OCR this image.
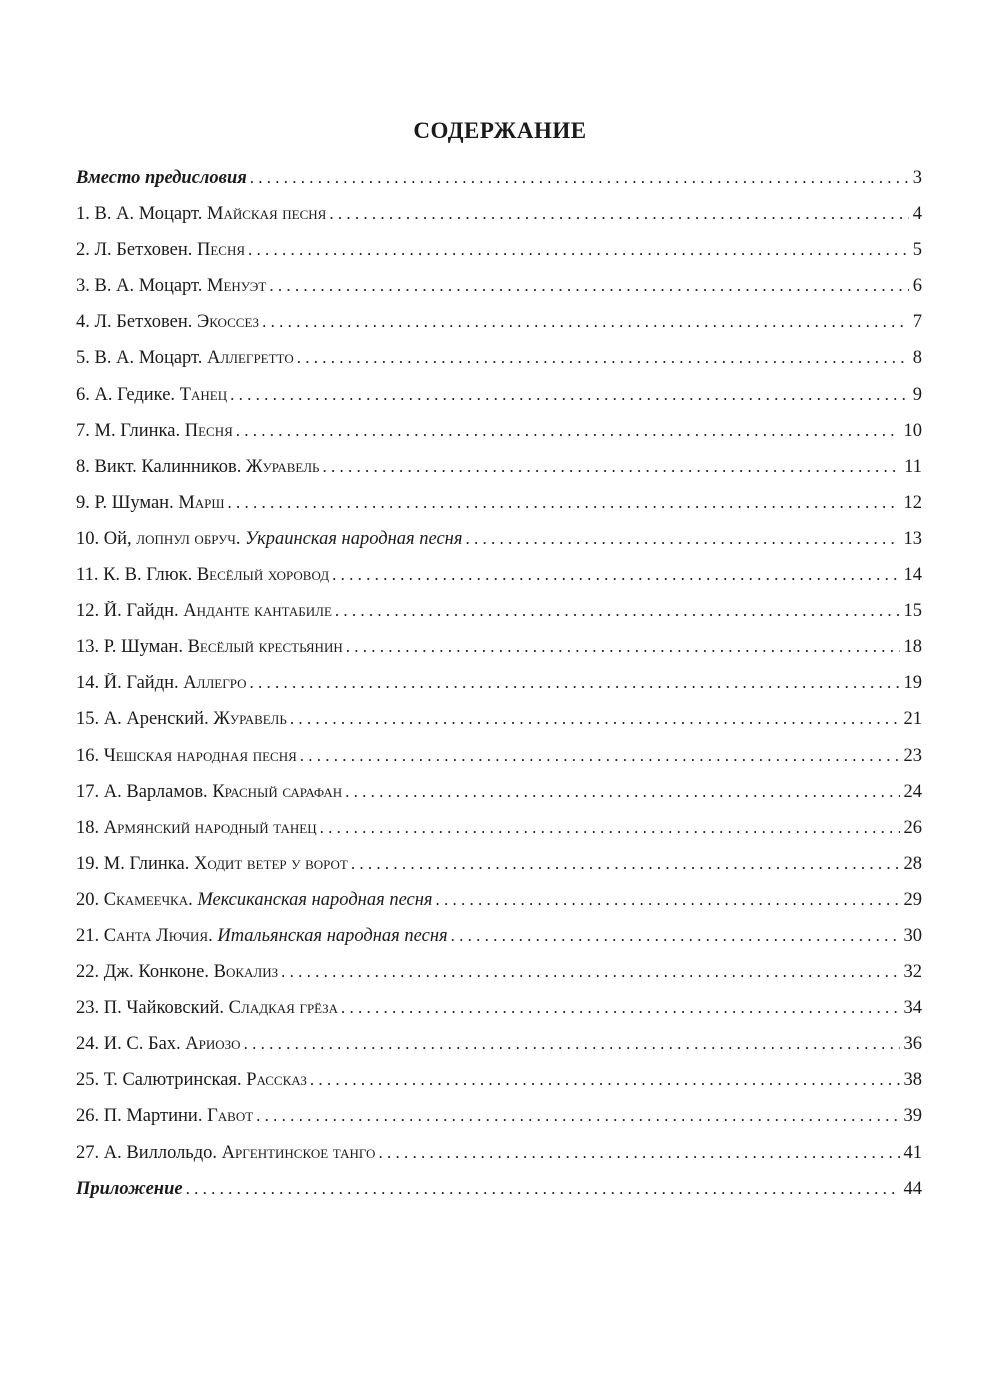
СОДЕРЖАНИЕ
Вместо предисловия . . .	3
1. В. А. Моцарт. Майская песня . . .	4
2. Л. Бетховен. Песня . . .	5
3. В. А. Моцарт. Менуэт . . .	6
4. Л. Бетховен. Экоссез . . .	7
5. В. А. Моцарт. Аллегретто . . .	8
6. А. Гедике. Танец . . .	9
7. М. Глинка. Песня . . .	10
8. Викт. Калинников. Журавель . . .	11
9. Р. Шуман. Марш . . .	12
10. Ой, лопнул обруч. Украинская народная песня . . .	13
11. К. В. Глюк. Весёлый хоровод . . .	14
12. Й. Гайдн. Анданте кантабиле . . .	15
13. Р. Шуман. Весёлый крестьянин . . .	18
14. Й. Гайдн. Аллегро . . .	19
15. А. Аренский. Журавель . . .	21
16. Чешская народная песня . . .	23
17. А. Варламов. Красный сарафан . . .	24
18. Армянский народный танец . . .	26
19. М. Глинка. Ходит ветер у ворот . . .	28
20. Скамеечка. Мексиканская народная песня . . .	29
21. Санта Лючия. Итальянская народная песня . . .	30
22. Дж. Конконе. Вокализ . . .	32
23. П. Чайковский. Сладкая грёза . . .	34
24. И. С. Бах. Ариозо . . .	36
25. Т. Салютринская. Рассказ . . .	38
26. П. Мартини. Гавот . . .	39
27. А. Виллольдо. Аргентинское танго . . .	41
Приложение . . .	44
